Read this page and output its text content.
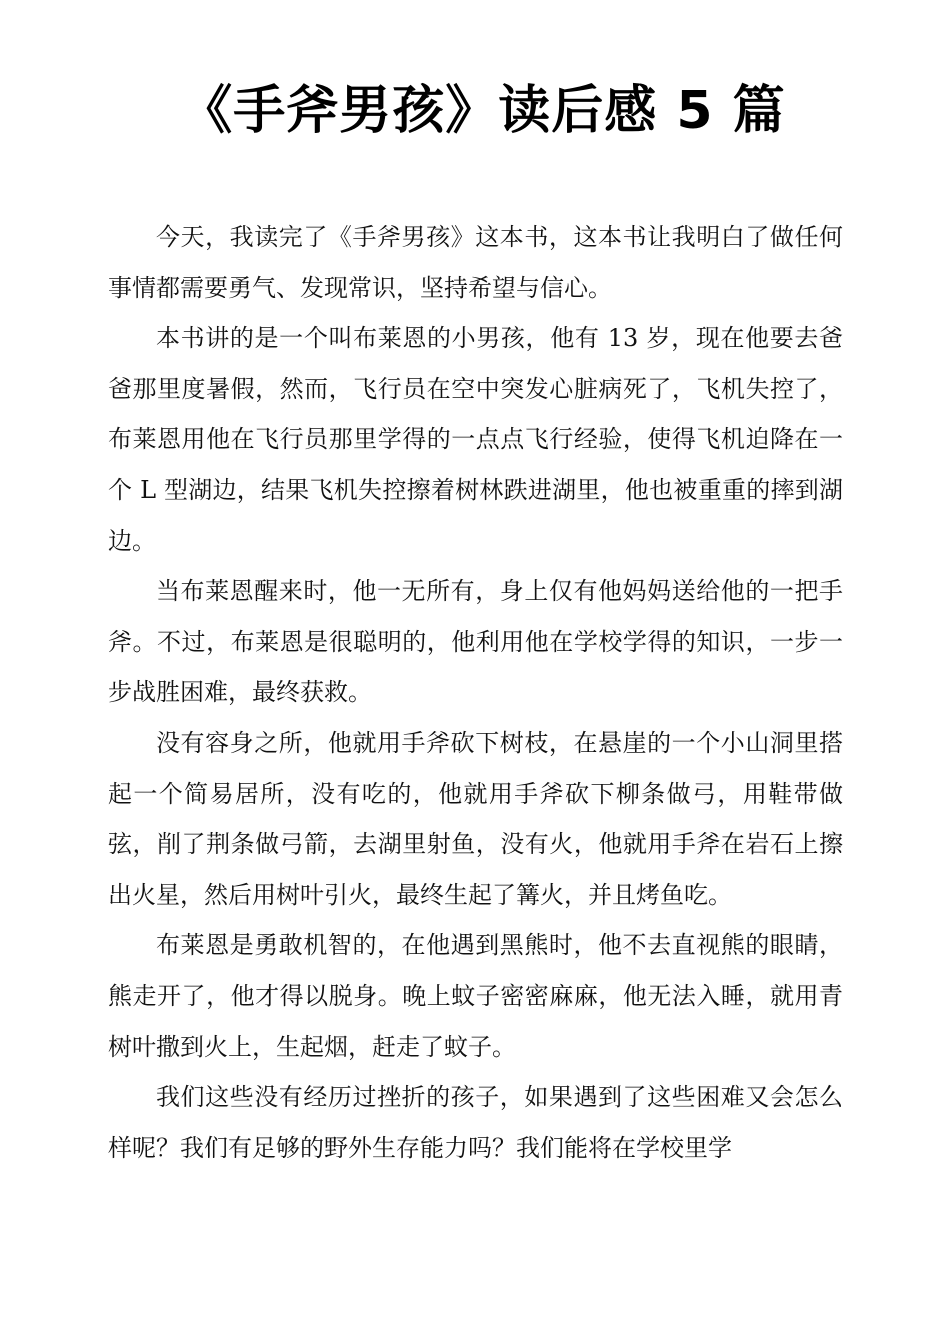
《手斧男孩》读后感 5 篇

今天，我读完了《手斧男孩》这本书，这本书让我明白了做任何事情都需要勇气、发现常识，坚持希望与信心。

本书讲的是一个叫布莱恩的小男孩，他有 13 岁，现在他要去爸爸那里度暑假，然而，飞行员在空中突发心脏病死了，飞机失控了，布莱恩用他在飞行员那里学得的一点点飞行经验，使得飞机迫降在一个 L 型湖边，结果飞机失控擦着树林跌进湖里，他也被重重的摔到湖边。

当布莱恩醒来时，他一无所有，身上仅有他妈妈送给他的一把手斧。不过，布莱恩是很聪明的，他利用他在学校学得的知识，一步一步战胜困难，最终获救。

没有容身之所，他就用手斧砍下树枝，在悬崖的一个小山洞里搭起一个简易居所，没有吃的，他就用手斧砍下柳条做弓，用鞋带做弦，削了荆条做弓箭，去湖里射鱼，没有火，他就用手斧在岩石上擦出火星，然后用树叶引火，最终生起了篝火，并且烤鱼吃。

布莱恩是勇敢机智的，在他遇到黑熊时，他不去直视熊的眼睛，熊走开了，他才得以脱身。晚上蚊子密密麻麻，他无法入睡，就用青树叶撒到火上，生起烟，赶走了蚊子。

我们这些没有经历过挫折的孩子，如果遇到了这些困难又会怎么样呢？我们有足够的野外生存能力吗？我们能将在学校里学
